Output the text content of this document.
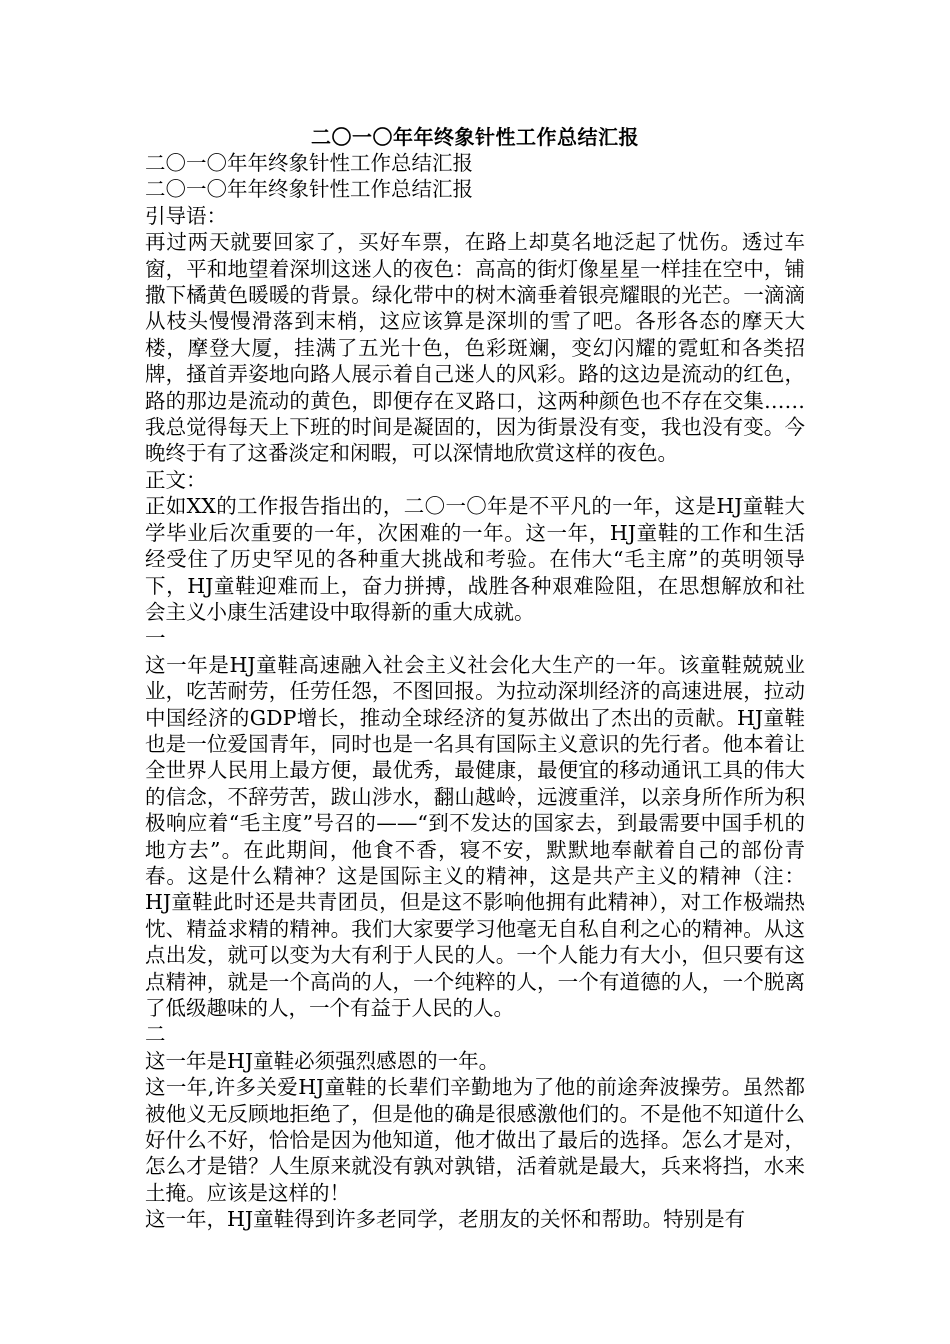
二〇一〇年年终象针性工作总结汇报

二〇一〇年年终象针性工作总结汇报

二〇一〇年年终象针性工作总结汇报

引导语：

再过两天就要回家了，买好车票，在路上却莫名地泛起了忧伤。透过车窗，平和地望着深圳这迷人的夜色：高高的街灯像星星一样挂在空中，铺撒下橘黄色暖暖的背景。绿化带中的树木滴垂着银亮耀眼的光芒。一滴滴从枝头慢慢滑落到末梢，这应该算是深圳的雪了吧。各形各态的摩天大楼，摩登大厦，挂满了五光十色，色彩斑斓，变幻闪耀的霓虹和各类招牌，搔首弄姿地向路人展示着自己迷人的风彩。路的这边是流动的红色，路的那边是流动的黄色，即便存在叉路口，这两种颜色也不存在交集……我总觉得每天上下班的时间是凝固的，因为街景没有变，我也没有变。今晚终于有了这番淡定和闲暇，可以深情地欣赏这样的夜色。

正文：

正如XX的工作报告指出的，二〇一〇年是不平凡的一年，这是HJ童鞋大学毕业后次重要的一年，次困难的一年。这一年，HJ童鞋的工作和生活经受住了历史罕见的各种重大挑战和考验。在伟大“毛主席”的英明领导下，HJ童鞋迎难而上，奋力拼搏，战胜各种艰难险阻，在思想解放和社会主义小康生活建设中取得新的重大成就。

一

这一年是HJ童鞋高速融入社会主义社会化大生产的一年。该童鞋兢兢业业，吃苦耐劳，任劳任怨，不图回报。为拉动深圳经济的高速进展，拉动中国经济的GDP增长，推动全球经济的复苏做出了杰出的贡献。HJ童鞋也是一位爱国青年，同时也是一名具有国际主义意识的先行者。他本着让全世界人民用上最方便，最优秀，最健康，最便宜的移动通讯工具的伟大的信念，不辞劳苦，跋山涉水，翻山越岭，远渡重洋，以亲身所作所为积极响应着“毛主度”号召的——“到不发达的国家去，到最需要中国手机的地方去”。在此期间，他食不香，寝不安，默默地奉献着自己的部份青春。这是什么精神？这是国际主义的精神，这是共产主义的精神（注：HJ童鞋此时还是共青团员，但是这不影响他拥有此精神），对工作极端热忱、精益求精的精神。我们大家要学习他毫无自私自利之心的精神。从这点出发，就可以变为大有利于人民的人。一个人能力有大小，但只要有这点精神，就是一个高尚的人，一个纯粹的人，一个有道德的人，一个脱离了低级趣味的人，一个有益于人民的人。

二

这一年是HJ童鞋必须强烈感恩的一年。

这一年,许多关爱HJ童鞋的长辈们辛勤地为了他的前途奔波操劳。虽然都被他义无反顾地拒绝了，但是他的确是很感激他们的。不是他不知道什么好什么不好，恰恰是因为他知道，他才做出了最后的选择。怎么才是对，怎么才是错？人生原来就没有孰对孰错，活着就是最大，兵来将挡，水来土掩。应该是这样的！

这一年，HJ童鞋得到许多老同学，老朋友的关怀和帮助。特别是有
